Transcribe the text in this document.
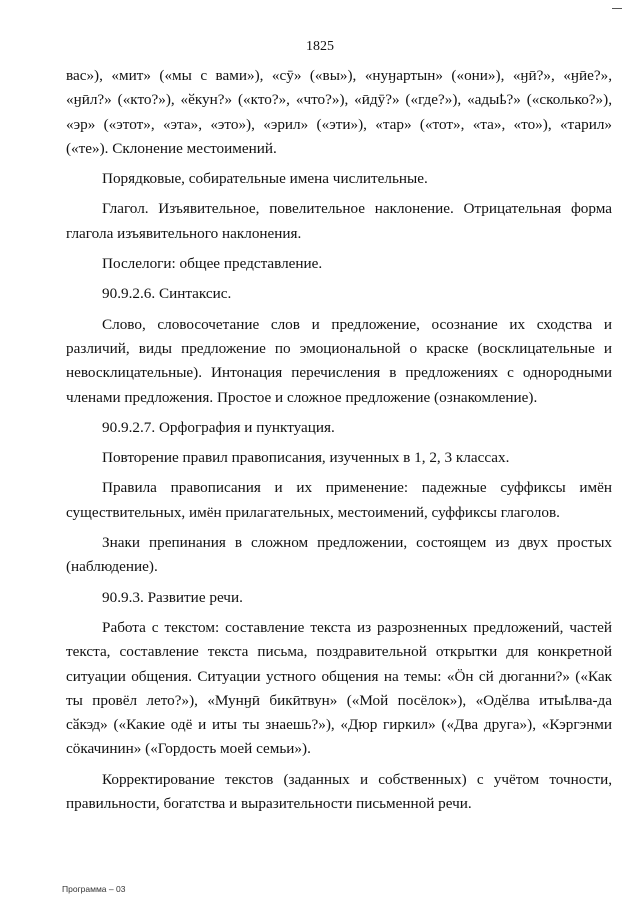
1825

вас»), «мит» («мы с вами»), «сӯ» («вы»), «нуӈартын» («они»), «ӈӣ?», «ӈӣе?», «ӈӣл?» («кто?»), «ӗкун?» («кто?», «что?»), «ӣдӯ?» («где?»), «адыҍ?» («сколько?»), «эр» («этот», «эта», «это»), «эрил» («эти»), «тар» («тот», «та», «то»), «тарил» («те»). Склонение местоимений.

Порядковые, собирательные имена числительные.

Глагол. Изъявительное, повелительное наклонение. Отрицательная форма глагола изъявительного наклонения.

Послелоги: общее представление.

90.9.2.6. Синтаксис.

Слово, словосочетание слов и предложение, осознание их сходства и различий, виды предложение по эмоциональной о краске (восклицательные и невосклицательные). Интонация перечисления в предложениях с однородными членами предложения. Простое и сложное предложение (ознакомление).

90.9.2.7. Орфография и пунктуация.

Повторение правил правописания, изученных в 1, 2, 3 классах.

Правила правописания и их применение: падежные суффиксы имён существительных, имён прилагательных, местоимений, суффиксы глаголов.

Знаки препинания в сложном предложении, состоящем из двух простых (наблюдение).

90.9.3. Развитие речи.

Работа с текстом: составление текста из разрозненных предложений, частей текста, составление текста письма, поздравительной открытки для конкретной ситуации общения. Ситуации устного общения на темы: «Ӧн сй дюганни?» («Как ты провёл лето?»), «Мунӈӣ бикӣтвун» («Мой посёлок»), «Одӗлва итыҍлва-да сӑкэд» («Какие одё и иты ты знаешь?»), «Дюр гиркил» («Два друга»), «Кэргэнми сӧкачинин» («Гордость моей семьи»).

Корректирование текстов (заданных и собственных) с учётом точности, правильности, богатства и выразительности письменной речи.

Программа – 03
